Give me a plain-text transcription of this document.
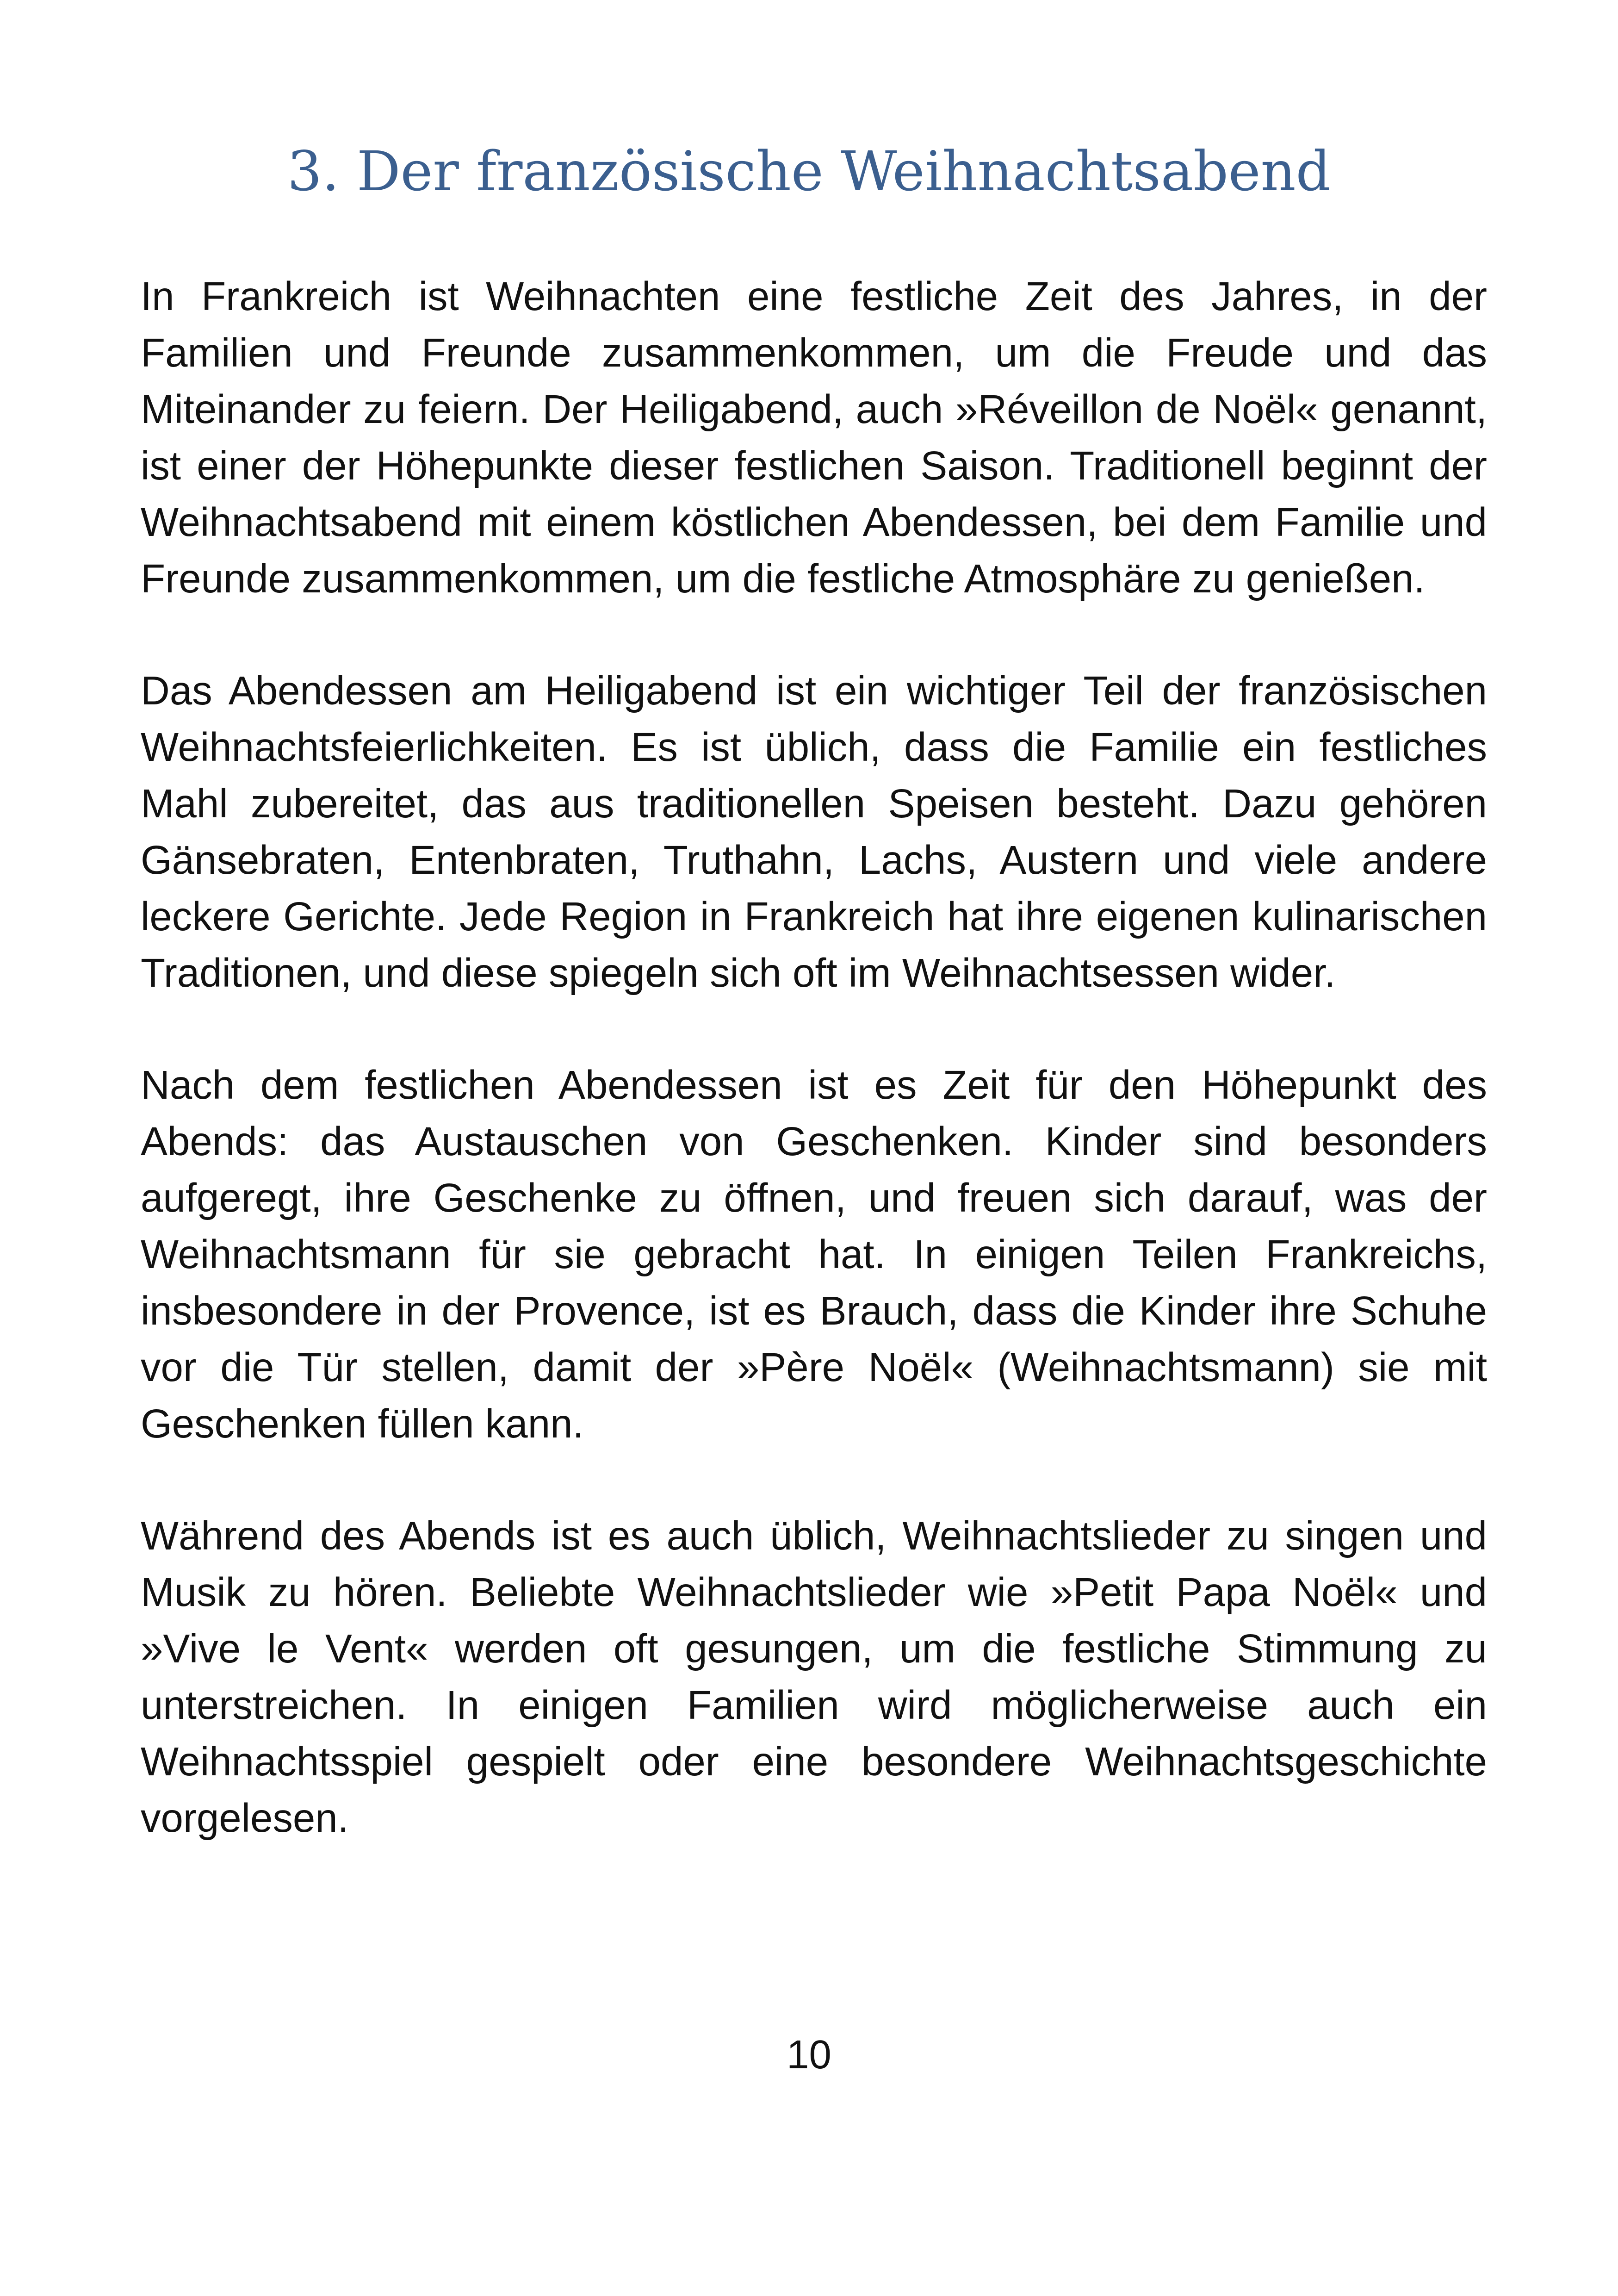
3. Der französische Weihnachtsabend

In Frankreich ist Weihnachten eine festliche Zeit des Jahres, in der Familien und Freunde zusammenkommen, um die Freude und das Miteinander zu feiern. Der Heiligabend, auch »Réveillon de Noël« genannt, ist einer der Höhepunkte dieser festlichen Saison. Traditionell beginnt der Weihnachtsabend mit einem köstlichen Abendessen, bei dem Familie und Freunde zusammenkommen, um die festliche Atmosphäre zu genießen.

Das Abendessen am Heiligabend ist ein wichtiger Teil der französischen Weihnachtsfeierlichkeiten. Es ist üblich, dass die Familie ein festliches Mahl zubereitet, das aus traditionellen Speisen besteht. Dazu gehören Gänsebraten, Entenbraten, Truthahn, Lachs, Austern und viele andere leckere Gerichte. Jede Region in Frankreich hat ihre eigenen kulinarischen Traditionen, und diese spiegeln sich oft im Weihnachtsessen wider.

Nach dem festlichen Abendessen ist es Zeit für den Höhepunkt des Abends: das Austauschen von Geschenken. Kinder sind besonders aufgeregt, ihre Geschenke zu öffnen, und freuen sich darauf, was der Weihnachtsmann für sie gebracht hat. In einigen Teilen Frankreichs, insbesondere in der Provence, ist es Brauch, dass die Kinder ihre Schuhe vor die Tür stellen, damit der »Père Noël« (Weihnachtsmann) sie mit Geschenken füllen kann.

Während des Abends ist es auch üblich, Weihnachtslieder zu singen und Musik zu hören. Beliebte Weihnachtslieder wie »Petit Papa Noël« und »Vive le Vent« werden oft gesungen, um die festliche Stimmung zu unterstreichen. In einigen Familien wird möglicherweise auch ein Weihnachtsspiel gespielt oder eine besondere Weihnachtsgeschichte vorgelesen.

10
